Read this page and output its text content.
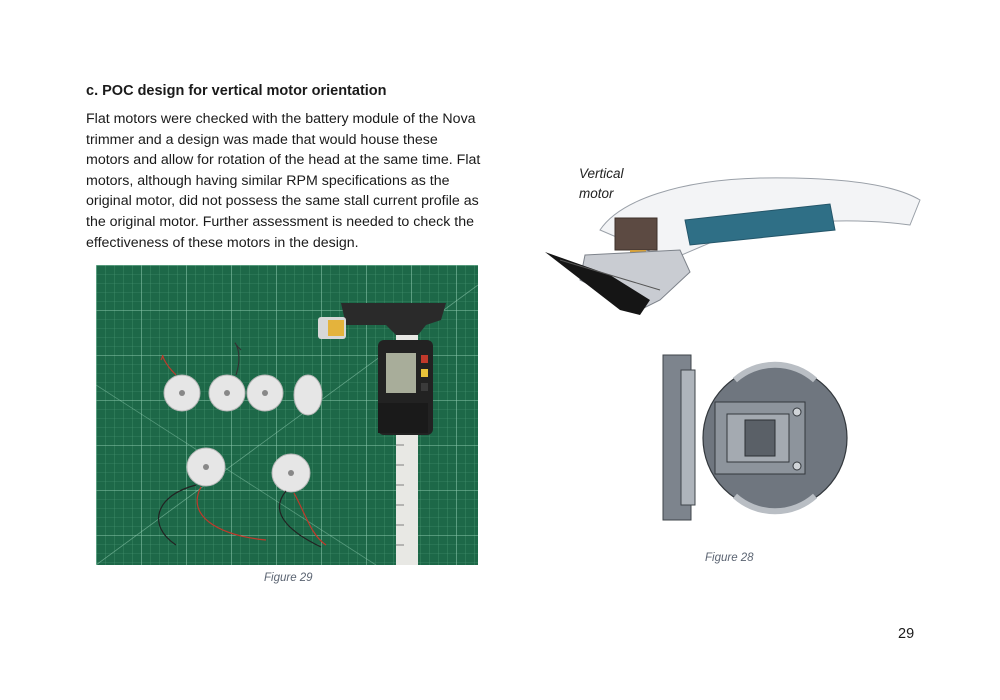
c. POC design for vertical motor orientation

Flat motors were checked with the battery module of the Nova trimmer and a design was made that would house these motors and allow for rotation of the head at the same time. Flat motors, although having similar RPM specifications as the original motor, did not possess the same stall current profile as the original motor. Further assessment is needed to check the effectiveness of these motors in the design.

Figure 29
Vertical
motor
Figure 28
29
